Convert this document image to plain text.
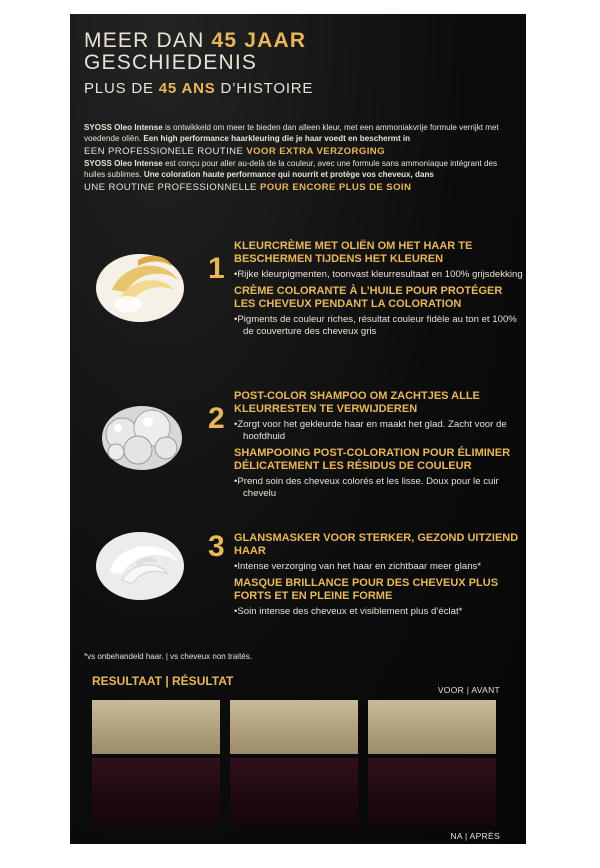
MEER DAN 45 JAAR
GESCHIEDENIS
PLUS DE 45 ANS D’HISTOIRE

SYOSS Oleo Intense is ontwikkeld om meer te bieden dan alleen kleur, met een ammoniakvrije formule verrijkt met voedende oliën. Een high performance haarkleuring die je haar voedt en beschermt in

EEN PROFESSIONELE ROUTINE VOOR EXTRA VERZORGING

SYOSS Oleo Intense est conçu pour aller au-delà de la couleur, avec une formule sans ammoniaque intégrant des huiles sublimes. Une coloration haute performance qui nourrit et protège vos cheveux, dans

UNE ROUTINE PROFESSIONNELLE POUR ENCORE PLUS DE SOIN

1
KLEURCRÈME MET OLIËN OM HET HAAR TE BESCHERMEN TIJDENS HET KLEUREN
• Rijke kleurpigmenten, toonvast kleurresultaat en 100% grijsdekking
CRÈME COLORANTE À L’HUILE POUR PROTÉGER LES CHEVEUX PENDANT LA COLORATION
• Pigments de couleur riches, résultat couleur fidèle au ton et 100% de couverture des cheveux gris
2
POST-COLOR SHAMPOO OM ZACHTJES ALLE KLEURRESTEN TE VERWIJDEREN
• Zorgt voor het gekleurde haar en maakt het glad. Zacht voor de hoofdhuid
SHAMPOOING POST-COLORATION POUR ÉLIMINER DÉLICATEMENT LES RÉSIDUS DE COULEUR
• Prend soin des cheveux colorés et les lisse. Doux pour le cuir chevelu
3 GLANSMASKER VOOR STERKER, GEZOND UITZIEND HAAR
• Intense verzorging van het haar en zichtbaar meer glans*
MASQUE BRILLANCE POUR DES CHEVEUX PLUS FORTS ET EN PLEINE FORME
• Soin intense des cheveux et visiblement plus d’éclat*
*vs onbehandeld haar. | vs cheveux non traités.
RESULTAAT | RÉSULTAT
VOOR | AVANT
NA | APRÈS
